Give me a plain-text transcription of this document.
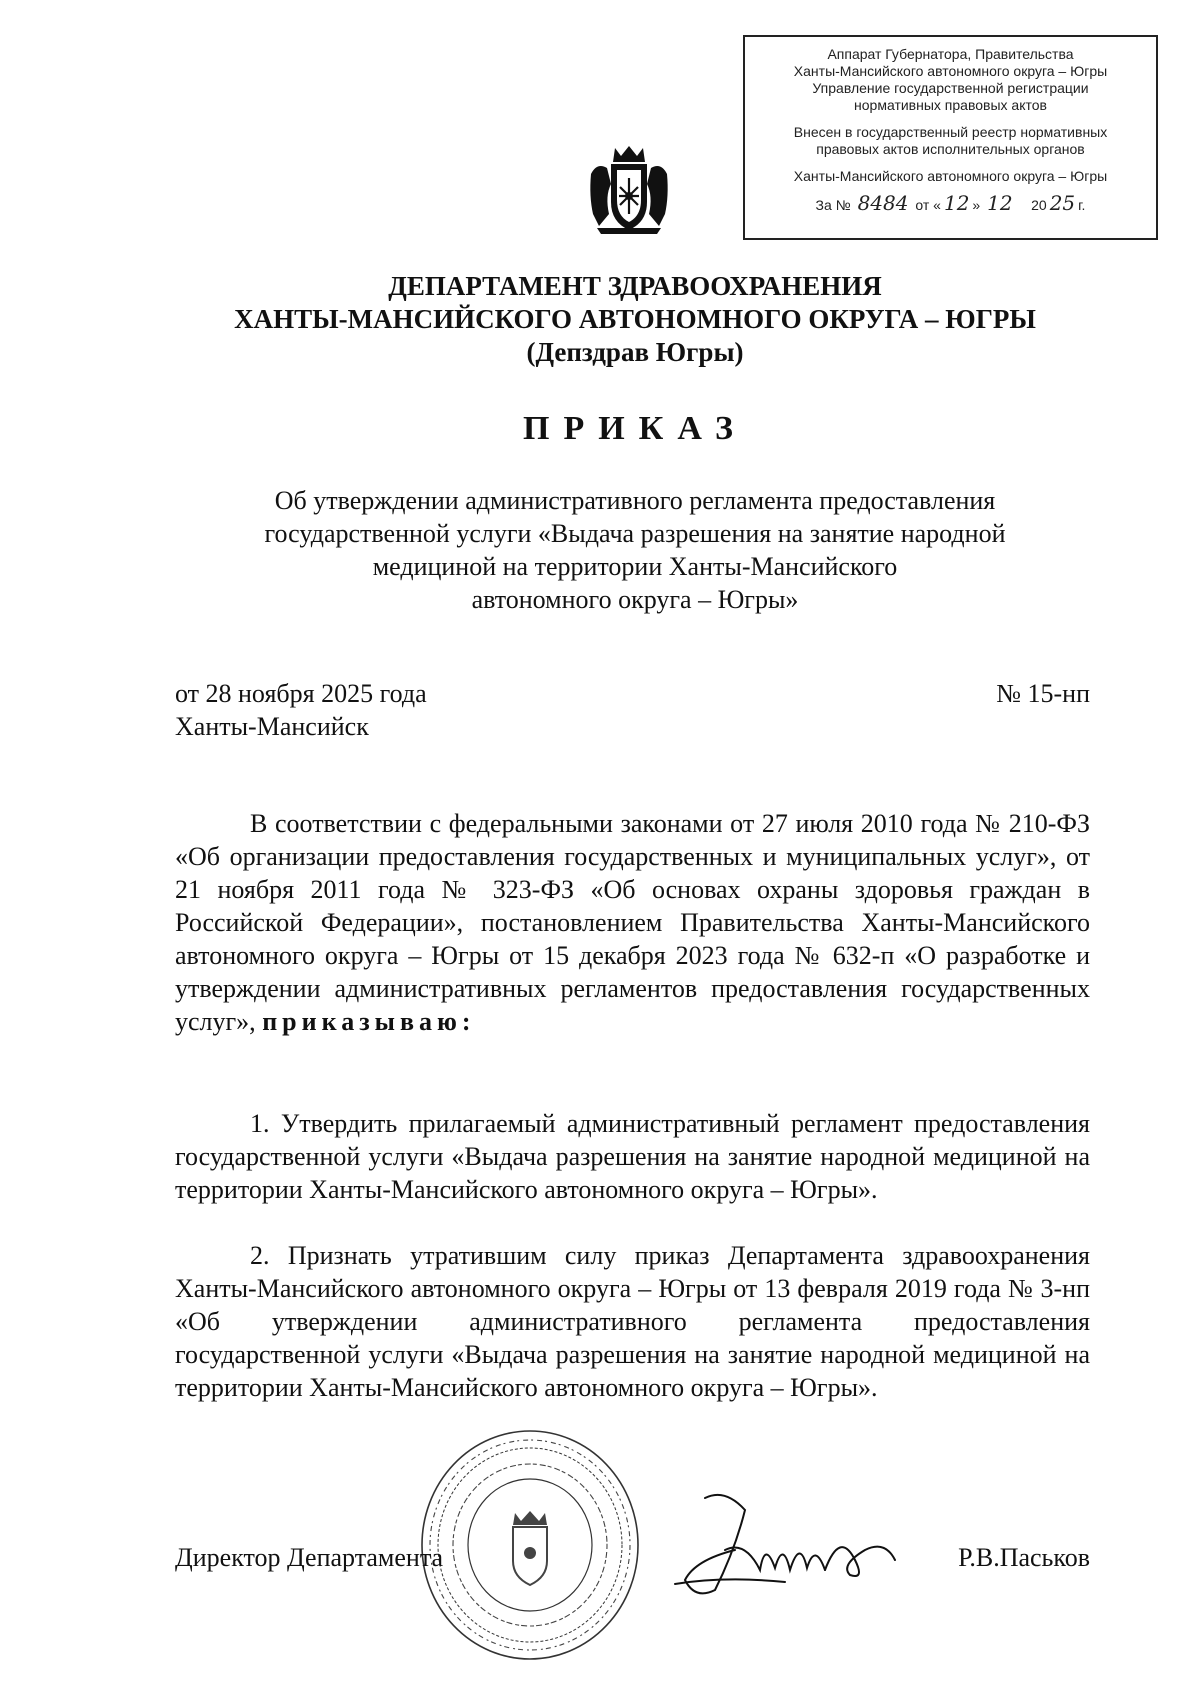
Аппарат Губернатора, Правительства
Ханты-Мансийского автономного округа – Югры
Управление государственной регистрации
нормативных правовых актов
Внесен в государственный реестр нормативных
правовых актов исполнительных органов
Ханты-Мансийского автономного округа – Югры
За № 8484 от « 12 » 12 20 25 г.
ДЕПАРТАМЕНТ ЗДРАВООХРАНЕНИЯ
ХАНТЫ-МАНСИЙСКОГО АВТОНОМНОГО ОКРУГА – ЮГРЫ
(Депздрав Югры)
ПРИКАЗ
Об утверждении административного регламента предоставления
государственной услуги «Выдача разрешения на занятие народной
медициной на территории Ханты-Мансийского
автономного округа – Югры»
от 28 ноября 2025 года
Ханты-Мансийск
№ 15-нп
В соответствии с федеральными законами от 27 июля 2010 года № 210-ФЗ «Об организации предоставления государственных и муниципальных услуг», от 21 ноября 2011 года № 323-ФЗ «Об основах охраны здоровья граждан в Российской Федерации», постановлением Правительства Ханты-Мансийского автономного округа – Югры от 15 декабря 2023 года № 632-п «О разработке и утверждении административных регламентов предоставления государственных услуг», приказываю:
1. Утвердить прилагаемый административный регламент предоставления государственной услуги «Выдача разрешения на занятие народной медициной на территории Ханты-Мансийского автономного округа – Югры».
2. Признать утратившим силу приказ Департамента здравоохранения Ханты-Мансийского автономного округа – Югры от 13 февраля 2019 года № 3-нп «Об утверждении административного регламента предоставления государственной услуги «Выдача разрешения на занятие народной медициной на территории Ханты-Мансийского автономного округа – Югры».
Директор Департамента	Р.В.Паськов
